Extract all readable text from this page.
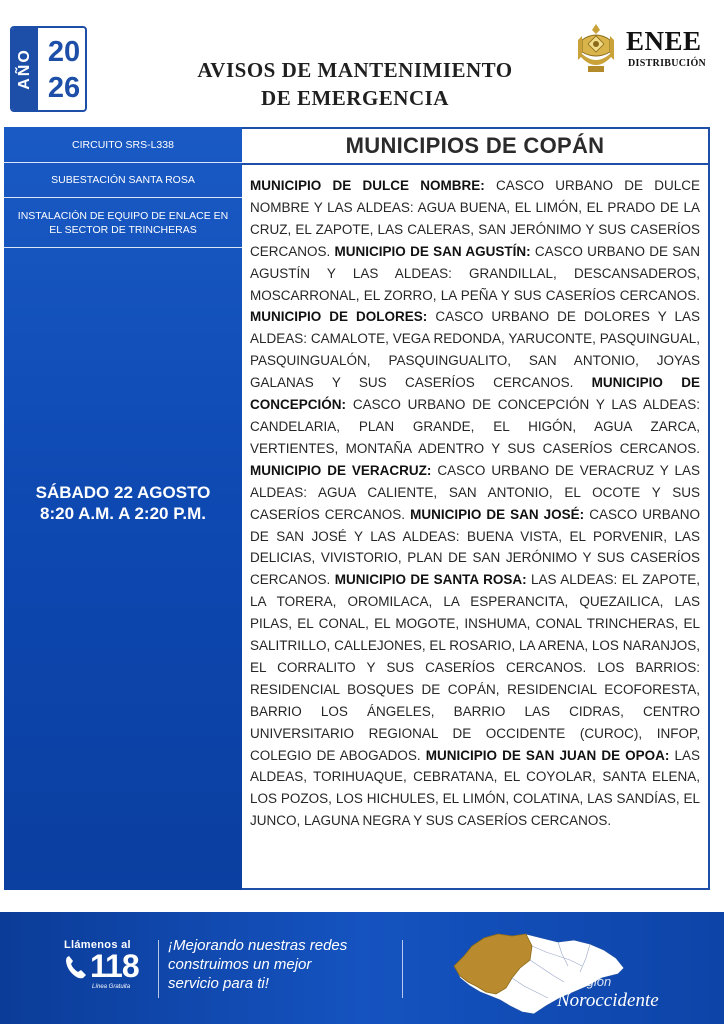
AÑO 20
26
AVISOS DE MANTENIMIENTO
DE EMERGENCIA
ENEE
DISTRIBUCIÓN
CIRCUITO SRS-L338
SUBESTACIÓN SANTA ROSA
INSTALACIÓN DE EQUIPO DE ENLACE EN EL SECTOR DE TRINCHERAS
SÁBADO 22 AGOSTO
8:20 A.M. A 2:20 P.M.
MUNICIPIOS DE COPÁN
MUNICIPIO DE DULCE NOMBRE: CASCO URBANO DE DULCE NOMBRE Y LAS ALDEAS: AGUA BUENA, EL LIMÓN, EL PRADO DE LA CRUZ, EL ZAPOTE, LAS CALERAS, SAN JERÓNIMO Y SUS CASERÍOS CERCANOS. MUNICIPIO DE SAN AGUSTÍN: CASCO URBANO DE SAN AGUSTÍN Y LAS ALDEAS: GRANDILLAL, DESCANSADEROS, MOSCARRONAL, EL ZORRO, LA PEÑA Y SUS CASERÍOS CERCANOS. MUNICIPIO DE DOLORES: CASCO URBANO DE DOLORES Y LAS ALDEAS: CAMALOTE, VEGA REDONDA, YARUCONTE, PASQUINGUAL, PASQUINGUALÓN, PASQUINGUALITO, SAN ANTONIO, JOYAS GALANAS Y SUS CASERÍOS CERCANOS. MUNICIPIO DE CONCEPCIÓN: CASCO URBANO DE CONCEPCIÓN Y LAS ALDEAS: CANDELARIA, PLAN GRANDE, EL HIGÓN, AGUA ZARCA, VERTIENTES, MONTAÑA ADENTRO Y SUS CASERÍOS CERCANOS. MUNICIPIO DE VERACRUZ: CASCO URBANO DE VERACRUZ Y LAS ALDEAS: AGUA CALIENTE, SAN ANTONIO, EL OCOTE Y SUS CASERÍOS CERCANOS. MUNICIPIO DE SAN JOSÉ: CASCO URBANO DE SAN JOSÉ Y LAS ALDEAS: BUENA VISTA, EL PORVENIR, LAS DELICIAS, VIVISTORIO, PLAN DE SAN JERÓNIMO Y SUS CASERÍOS CERCANOS. MUNICIPIO DE SANTA ROSA: LAS ALDEAS: EL ZAPOTE, LA TORERA, OROMILACA, LA ESPERANCITA, QUEZAILICA, LAS PILAS, EL CONAL, EL MOGOTE, INSHUMA, CONAL TRINCHERAS, EL SALITRILLO, CALLEJONES, EL ROSARIO, LA ARENA, LOS NARANJOS, EL CORRALITO Y SUS CASERÍOS CERCANOS. LOS BARRIOS: RESIDENCIAL BOSQUES DE COPÁN, RESIDENCIAL ECOFORESTA, BARRIO LOS ÁNGELES, BARRIO LAS CIDRAS, CENTRO UNIVERSITARIO REGIONAL DE OCCIDENTE (CUROC), INFOP, COLEGIO DE ABOGADOS. MUNICIPIO DE SAN JUAN DE OPOA: LAS ALDEAS, TORIHUAQUE, CEBRATANA, EL COYOLAR, SANTA ELENA, LOS POZOS, LOS HICHULES, EL LIMÓN, COLATINA, LAS SANDÍAS, EL JUNCO, LAGUNA NEGRA Y SUS CASERÍOS CERCANOS.
Llámenos al
118
Línea Gratuita
¡Mejorando nuestras redes
construimos un mejor
servicio para ti!	Región
Noroccidente
